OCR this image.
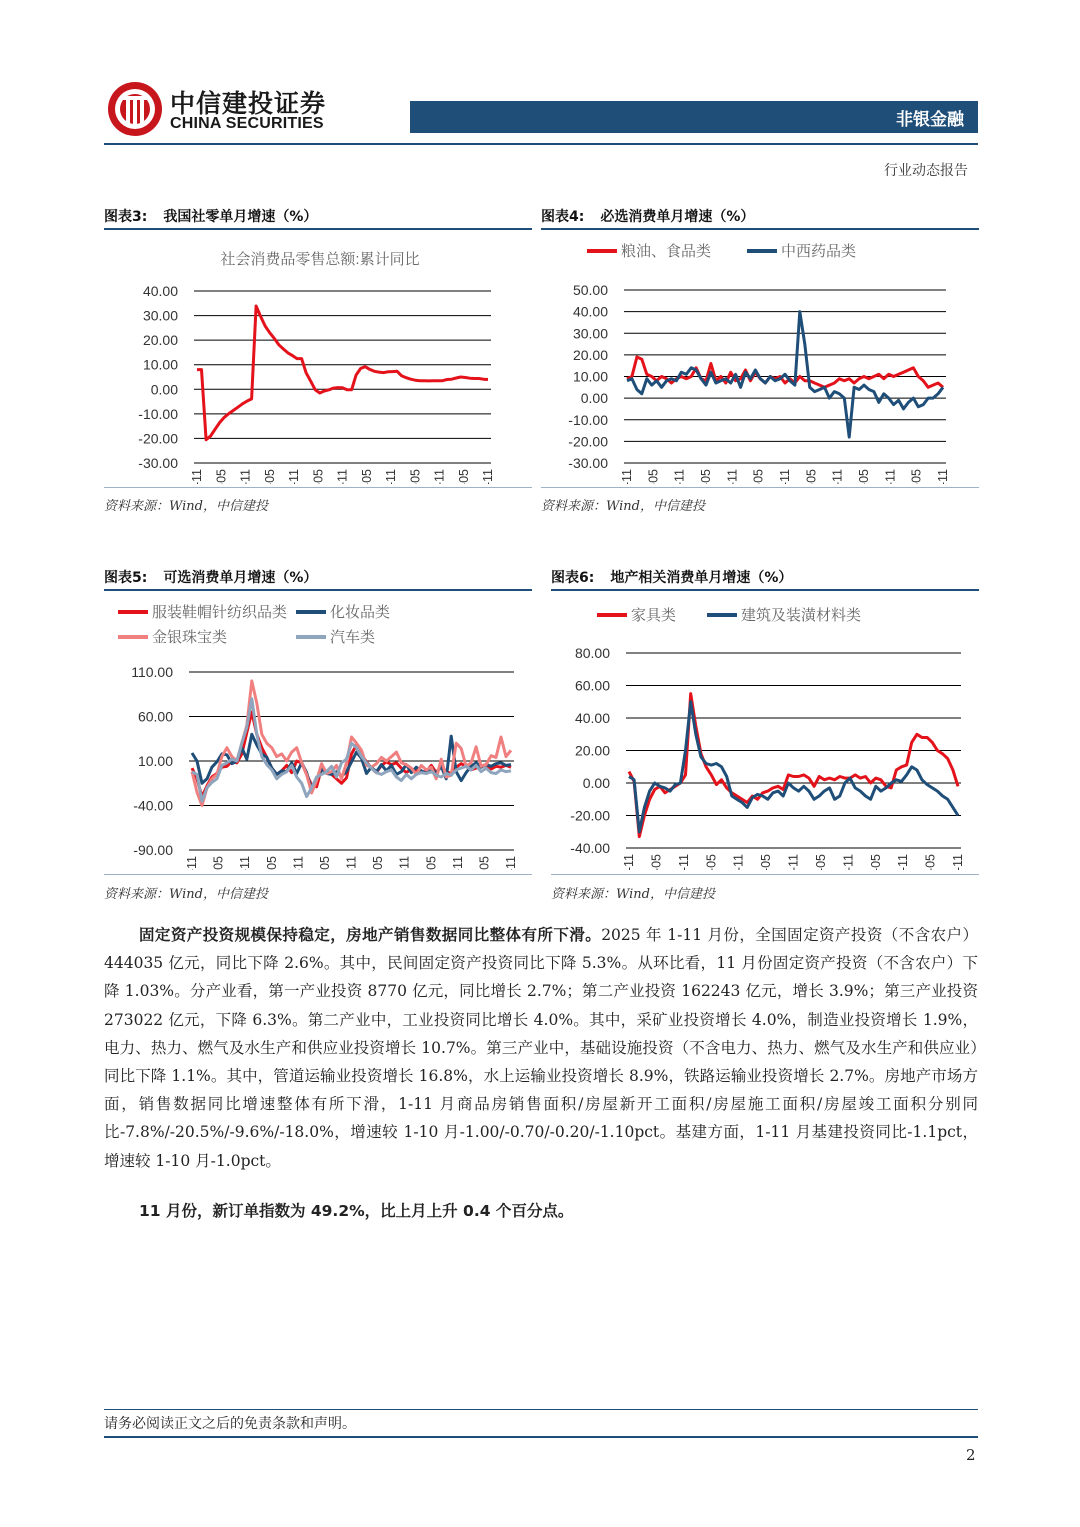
中信建投证券
CHINA SECURITIES	非银金融
行业动态报告
图表3: 我国社零单月增速（%）	图表4: 必选消费单月增速（%）
40.00
30.00
20.00
10.00
0.00
-10.00
-20.00
-30.00
社会消费品零售总额:累计同比
50.00
40.00
30.00
20.00
10.00
0.00
-10.00
-20.00
-30.00
粮油、食品类	中西药品类
资料来源：Wind，中信建投	资料来源：Wind，中信建投
图表5: 可选消费单月增速（%）	图表6: 地产相关消费单月增速（%）
110.00
60.00
10.00
-40.00
-90.00
服装鞋帽针纺织品类	化妆品类
金银珠宝类	汽车类
80.00
60.00
40.00
20.00
0.00
-20.00
-40.00
家具类	建筑及装潢材料类
资料来源：Wind，中信建投	资料来源：Wind，中信建投
固定资产投资规模保持稳定，房地产销售数据同比整体有所下滑。2025 年 1-11 月份，全国固定资产投资（不含农户）444035 亿元，同比下降 2.6%。其中，民间固定资产投资同比下降 5.3%。从环比看，11 月份固定资产投资（不含农户）下降 1.03%。分产业看，第一产业投资 8770 亿元，同比增长 2.7%；第二产业投资 162243 亿元，增长 3.9%；第三产业投资 273022 亿元，下降 6.3%。第二产业中，工业投资同比增长 4.0%。其中，采矿业投资增长 4.0%，制造业投资增长 1.9%，电力、热力、燃气及水生产和供应业投资增长 10.7%。第三产业中，基础设施投资（不含电力、热力、燃气及水生产和供应业）同比下降 1.1%。其中，管道运输业投资增长 16.8%，水上运输业投资增长 8.9%，铁路运输业投资增长 2.7%。房地产市场方面，销售数据同比增速整体有所下滑，1-11 月商品房销售面积/房屋新开工面积/房屋施工面积/房屋竣工面积分别同比-7.8%/-20.5%/-9.6%/-18.0%，增速较 1-10 月-1.00/-0.70/-0.20/-1.10pct。基建方面，1-11 月基建投资同比-1.1pct，增速较 1-10 月-1.0pct。
11 月份，新订单指数为 49.2%，比上月上升 0.4 个百分点。
请务必阅读正文之后的免责条款和声明。
2
